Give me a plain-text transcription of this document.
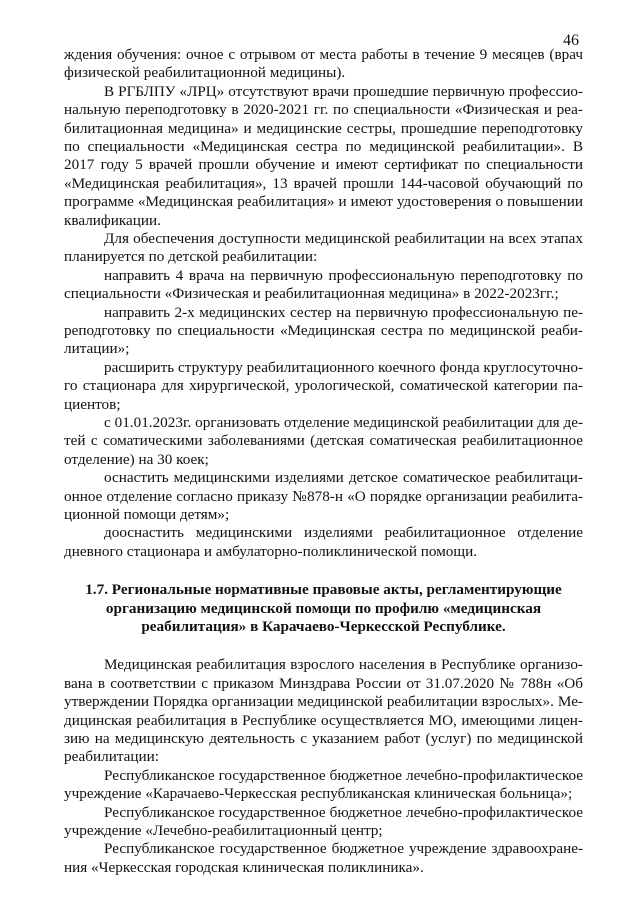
46
ждения обучения: очное с отрывом от места работы в течение 9 месяцев (врач
физической реабилитационной медицины).
В РГБЛПУ «ЛРЦ» отсутствуют врачи прошедшие первичную профессио-
нальную переподготовку в 2020-2021 гг. по специальности «Физическая и реа-
билитационная медицина» и медицинские сестры, прошедшие переподготовку
по специальности «Медицинская сестра по медицинской реабилитации». В
2017 году 5 врачей прошли обучение и имеют сертификат по специальности
«Медицинская реабилитация», 13 врачей прошли 144-часовой обучающий по
программе «Медицинская реабилитация» и имеют удостоверения о повышении
квалификации.
Для обеспечения доступности медицинской реабилитации на всех этапах
планируется по детской реабилитации:
направить 4 врача на первичную профессиональную переподготовку по
специальности «Физическая и реабилитационная медицина» в 2022-2023гг.;
направить 2-х медицинских сестер на первичную профессиональную пе-
реподготовку по специальности «Медицинская сестра по медицинской реаби-
литации»;
расширить структуру реабилитационного коечного фонда круглосуточно-
го стационара для хирургической, урологической, соматической категории па-
циентов;
с 01.01.2023г. организовать отделение медицинской реабилитации для де-
тей с соматическими заболеваниями (детская соматическая реабилитационное
отделение) на 30 коек;
оснастить медицинскими изделиями детское соматическое реабилитаци-
онное отделение согласно приказу №878-н «О порядке организации реабилита-
ционной помощи детям»;
дооснастить медицинскими изделиями реабилитационное отделение
дневного стационара и амбулаторно-поликлинической помощи.
1.7. Региональные нормативные правовые акты, регламентирующие
организацию медицинской помощи по профилю «медицинская
реабилитация» в Карачаево-Черкесской Республике.
Медицинская реабилитация взрослого населения в Республике организо-
вана в соответствии с приказом Минздрава России от 31.07.2020 № 788н «Об
утверждении Порядка организации медицинской реабилитации взрослых». Ме-
дицинская реабилитация в Республике осуществляется МО, имеющими лицен-
зию на медицинскую деятельность с указанием работ (услуг) по медицинской
реабилитации:
Республиканское государственное бюджетное лечебно-профилактическое
учреждение «Карачаево-Черкесская республиканская клиническая больница»;
Республиканское государственное бюджетное лечебно-профилактическое
учреждение «Лечебно-реабилитационный центр;
Республиканское государственное бюджетное учреждение здравоохране-
ния «Черкесская городская клиническая поликлиника».
